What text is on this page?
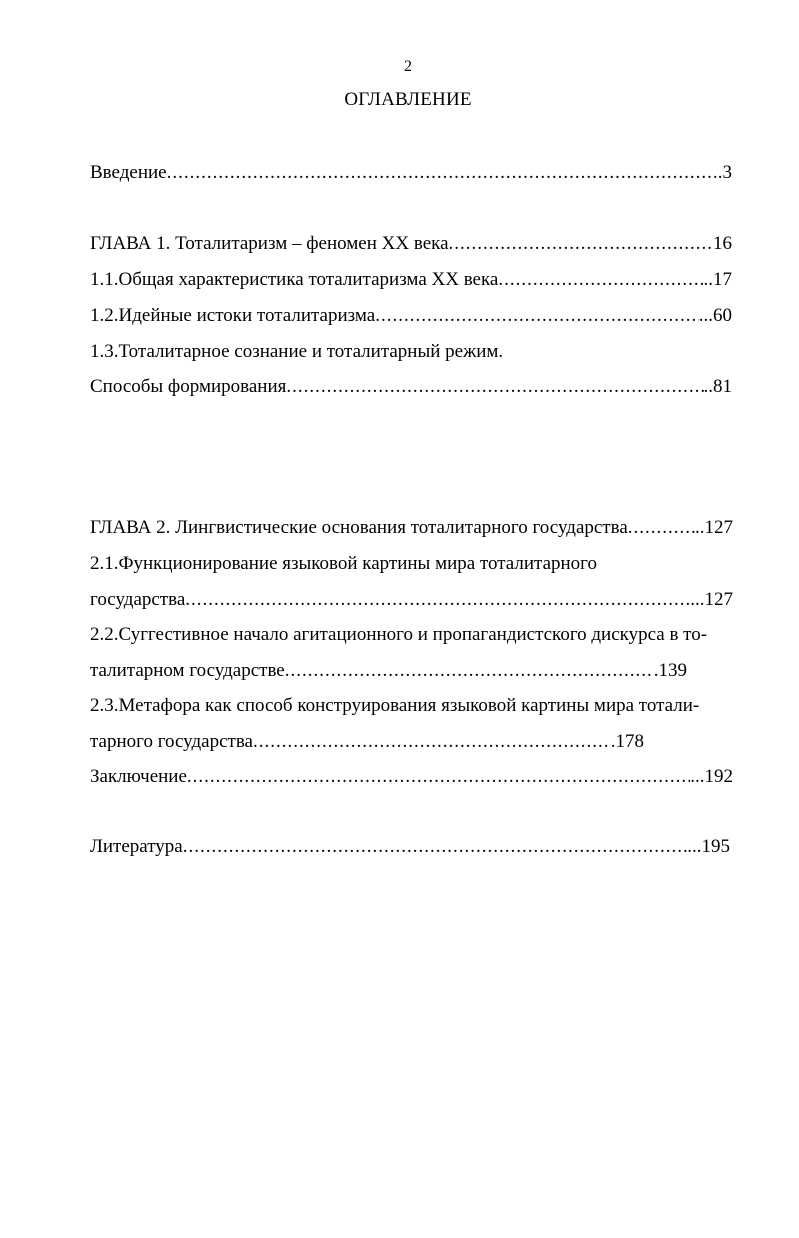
2
ОГЛАВЛЕНИЕ
Введение .....	.3
ГЛАВА 1. Тоталитаризм – феномен XX века .....	16
1.1.Общая характеристика тоталитаризма XX века .....	..17
1.2.Идейные истоки тоталитаризма .....	...60
1.3.Тоталитарное сознание и тоталитарный режим.
Способы формирования .....	..81
ГЛАВА 2. Лингвистические основания тоталитарного государства .....	..127
2.1.Функционирование языковой картины мира тоталитарного
государства .....	...127
2.2.Суггестивное начало агитационного и пропагандистского дискурса в то-
талитарном государстве .....	.139
2.3.Метафора как способ конструирования языковой картины мира тотали-
тарного государства .....	.178
Заключение .....	...192
Литература .....	...195
